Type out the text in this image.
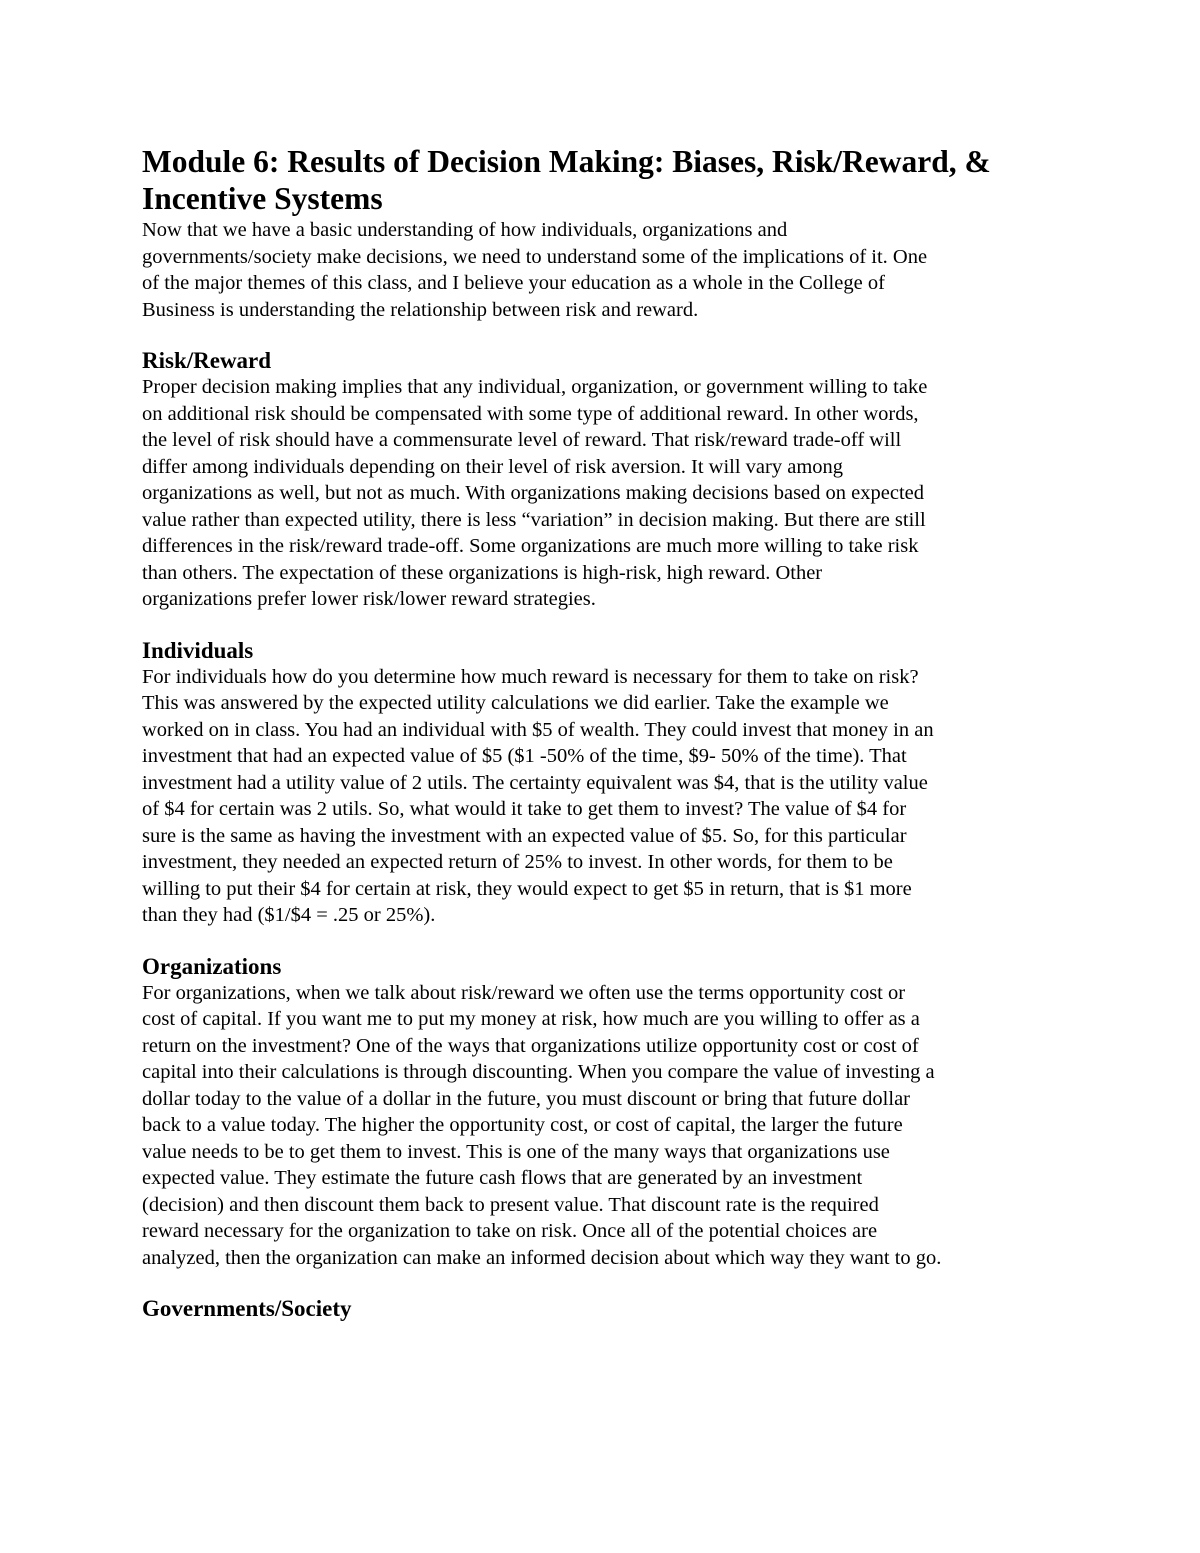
Module 6: Results of Decision Making: Biases, Risk/Reward, &
Incentive Systems

Now that we have a basic understanding of how individuals, organizations and
governments/society make decisions, we need to understand some of the implications of it. One
of the major themes of this class, and I believe your education as a whole in the College of
Business is understanding the relationship between risk and reward.

Risk/Reward

Proper decision making implies that any individual, organization, or government willing to take
on additional risk should be compensated with some type of additional reward. In other words,
the level of risk should have a commensurate level of reward. That risk/reward trade-off will
differ among individuals depending on their level of risk aversion. It will vary among
organizations as well, but not as much. With organizations making decisions based on expected
value rather than expected utility, there is less “variation” in decision making. But there are still
differences in the risk/reward trade-off. Some organizations are much more willing to take risk
than others. The expectation of these organizations is high-risk, high reward. Other
organizations prefer lower risk/lower reward strategies.

Individuals

For individuals how do you determine how much reward is necessary for them to take on risk?
This was answered by the expected utility calculations we did earlier. Take the example we
worked on in class. You had an individual with $5 of wealth. They could invest that money in an
investment that had an expected value of $5 ($1 -50% of the time, $9- 50% of the time). That
investment had a utility value of 2 utils. The certainty equivalent was $4, that is the utility value
of $4 for certain was 2 utils. So, what would it take to get them to invest? The value of $4 for
sure is the same as having the investment with an expected value of $5. So, for this particular
investment, they needed an expected return of 25% to invest. In other words, for them to be
willing to put their $4 for certain at risk, they would expect to get $5 in return, that is $1 more
than they had ($1/$4 = .25 or 25%).

Organizations

For organizations, when we talk about risk/reward we often use the terms opportunity cost or
cost of capital. If you want me to put my money at risk, how much are you willing to offer as a
return on the investment? One of the ways that organizations utilize opportunity cost or cost of
capital into their calculations is through discounting. When you compare the value of investing a
dollar today to the value of a dollar in the future, you must discount or bring that future dollar
back to a value today. The higher the opportunity cost, or cost of capital, the larger the future
value needs to be to get them to invest. This is one of the many ways that organizations use
expected value. They estimate the future cash flows that are generated by an investment
(decision) and then discount them back to present value. That discount rate is the required
reward necessary for the organization to take on risk. Once all of the potential choices are
analyzed, then the organization can make an informed decision about which way they want to go.

Governments/Society
